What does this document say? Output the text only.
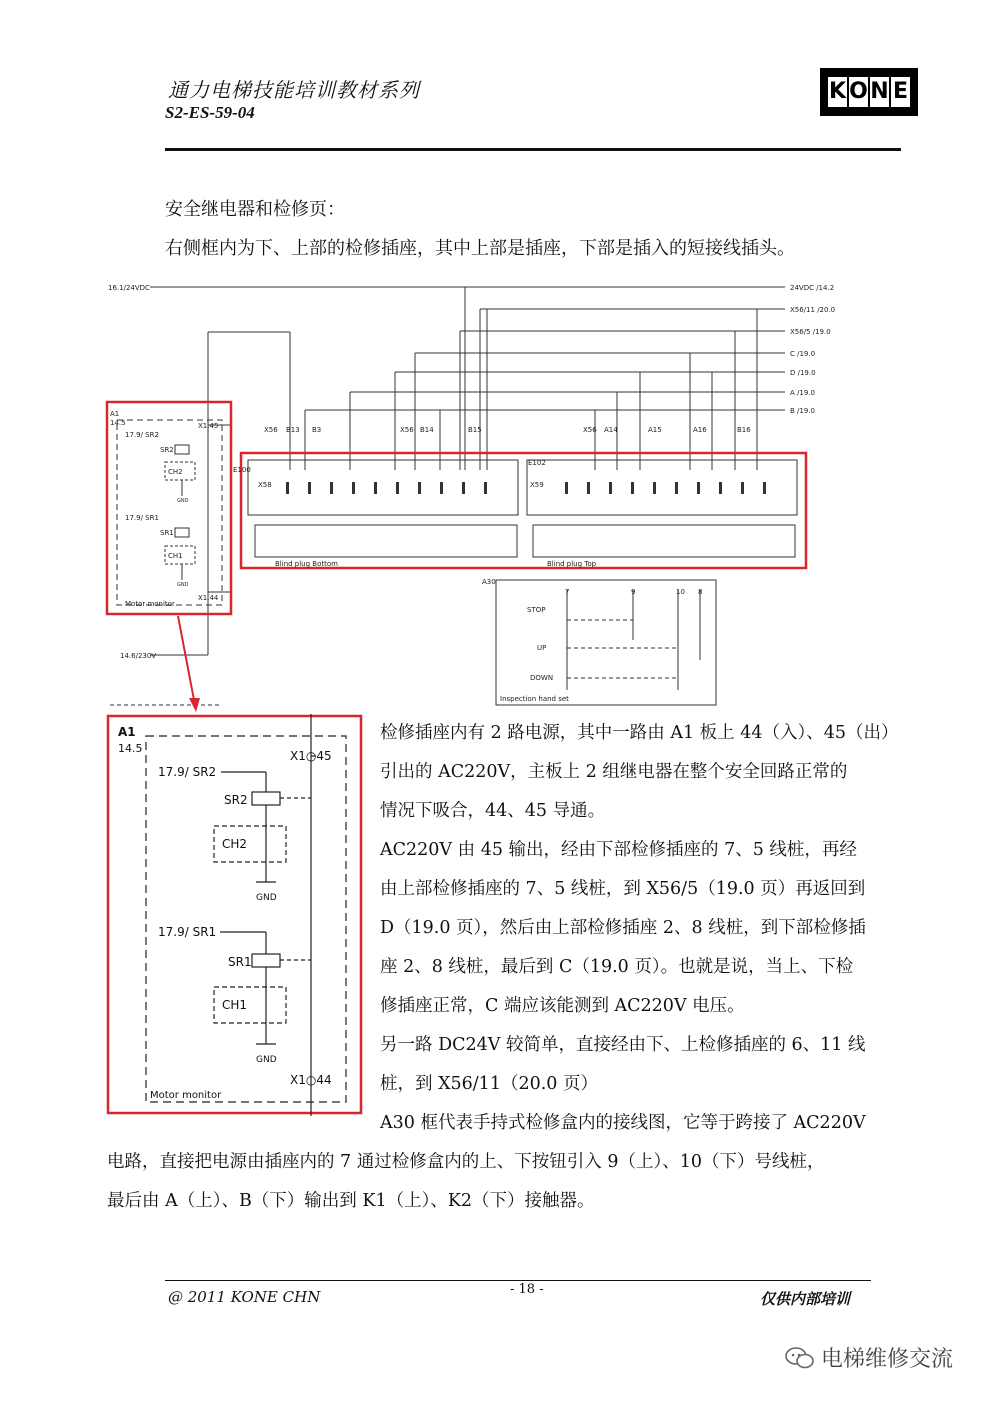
通力电梯技能培训教材系列
S2-ES-59-04
K O N E
安全继电器和检修页：
右侧框内为下、上部的检修插座，其中上部是插座，下部是插入的短接线插头。
16.1/24VDC
14.6/230V
24VDC /14.2
X56/11 /20.0
X56/5 /19.0
C /19.0
D /19.0
A /19.0
B /19.0
A1
14.5	X1.45
X1.44
17.9/ SR2
17.9/ SR1
SR2
SR1
CH2
CH1
GND
GND
Motor monitor
X56 B13 B3	X56 B14	B15	X56 A14	A15	A16	B16
E100
E102
X58	X59
Blind plug Bottom	Blind plug Top
A30
STOP
UP
DOWN
Inspection hand set
7	9	10 8
A1
14.5
X1○45
17.9/ SR2
SR2
CH2
GND
17.9/ SR1
SR1
CH1
GND
X1○44
Motor monitor
检修插座内有 2 路电源，其中一路由 A1 板上 44（入）、45（出）
引出的 AC220V，主板上 2 组继电器在整个安全回路正常的
情况下吸合，44、45 导通。
AC220V 由 45 输出，经由下部检修插座的 7、5 线桩，再经
由上部检修插座的 7、5 线桩，到 X56/5（19.0 页）再返回到
D（19.0 页），然后由上部检修插座 2、8 线桩，到下部检修插
座 2、8 线桩，最后到 C（19.0 页）。也就是说，当上、下检
修插座正常，C 端应该能测到 AC220V 电压。
另一路 DC24V 较简单，直接经由下、上检修插座的 6、11 线
桩，到 X56/11（20.0 页）
A30 框代表手持式检修盒内的接线图，它等于跨接了 AC220V
电路，直接把电源由插座内的 7 通过检修盒内的上、下按钮引入 9（上）、10（下）号线桩，
最后由 A（上）、B（下）输出到 K1（上）、K2（下）接触器。
@ 2011 KONE CHN	- 18 -
仅供内部培训
电梯维修交流
